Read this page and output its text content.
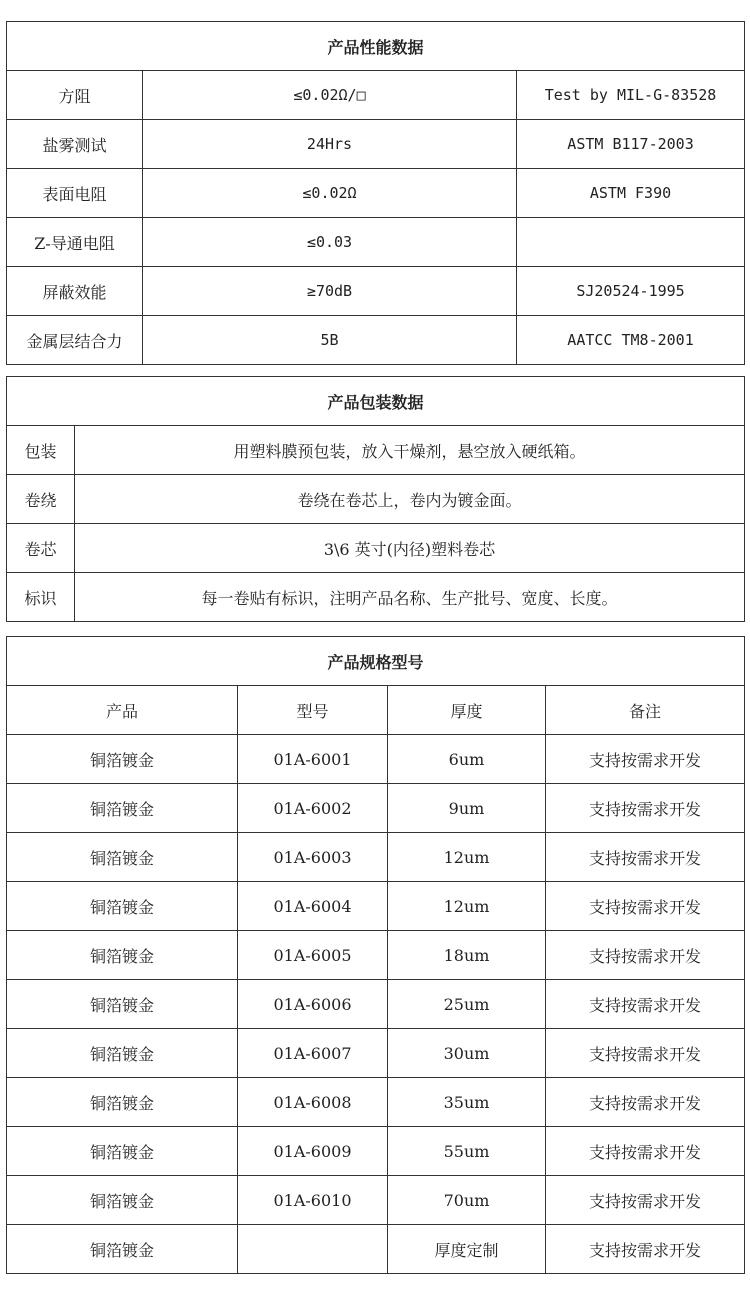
产品性能数据		
方阻	≤0.02Ω/□	Test by MIL-G-83528
盐雾测试	24Hrs	ASTM B117-2003
表面电阻	≤0.02Ω	ASTM F390
Z-导通电阻	≤0.03	
屏蔽效能	≥70dB	SJ20524-1995
金属层结合力	5B	AATCC TM8-2001
产品包装数据	
包装	用塑料膜预包装，放入干燥剂，悬空放入硬纸箱。
卷绕	卷绕在卷芯上，卷内为镀金面。
卷芯	3\6 英寸(内径)塑料卷芯
标识	每一卷贴有标识，注明产品名称、生产批号、宽度、长度。
产品规格型号			
产品	型号	厚度	备注
铜箔镀金	01A-6001	6um	支持按需求开发
铜箔镀金	01A-6002	9um	支持按需求开发
铜箔镀金	01A-6003	12um	支持按需求开发
铜箔镀金	01A-6004	12um	支持按需求开发
铜箔镀金	01A-6005	18um	支持按需求开发
铜箔镀金	01A-6006	25um	支持按需求开发
铜箔镀金	01A-6007	30um	支持按需求开发
铜箔镀金	01A-6008	35um	支持按需求开发
铜箔镀金	01A-6009	55um	支持按需求开发
铜箔镀金	01A-6010	70um	支持按需求开发
铜箔镀金		厚度定制	支持按需求开发
